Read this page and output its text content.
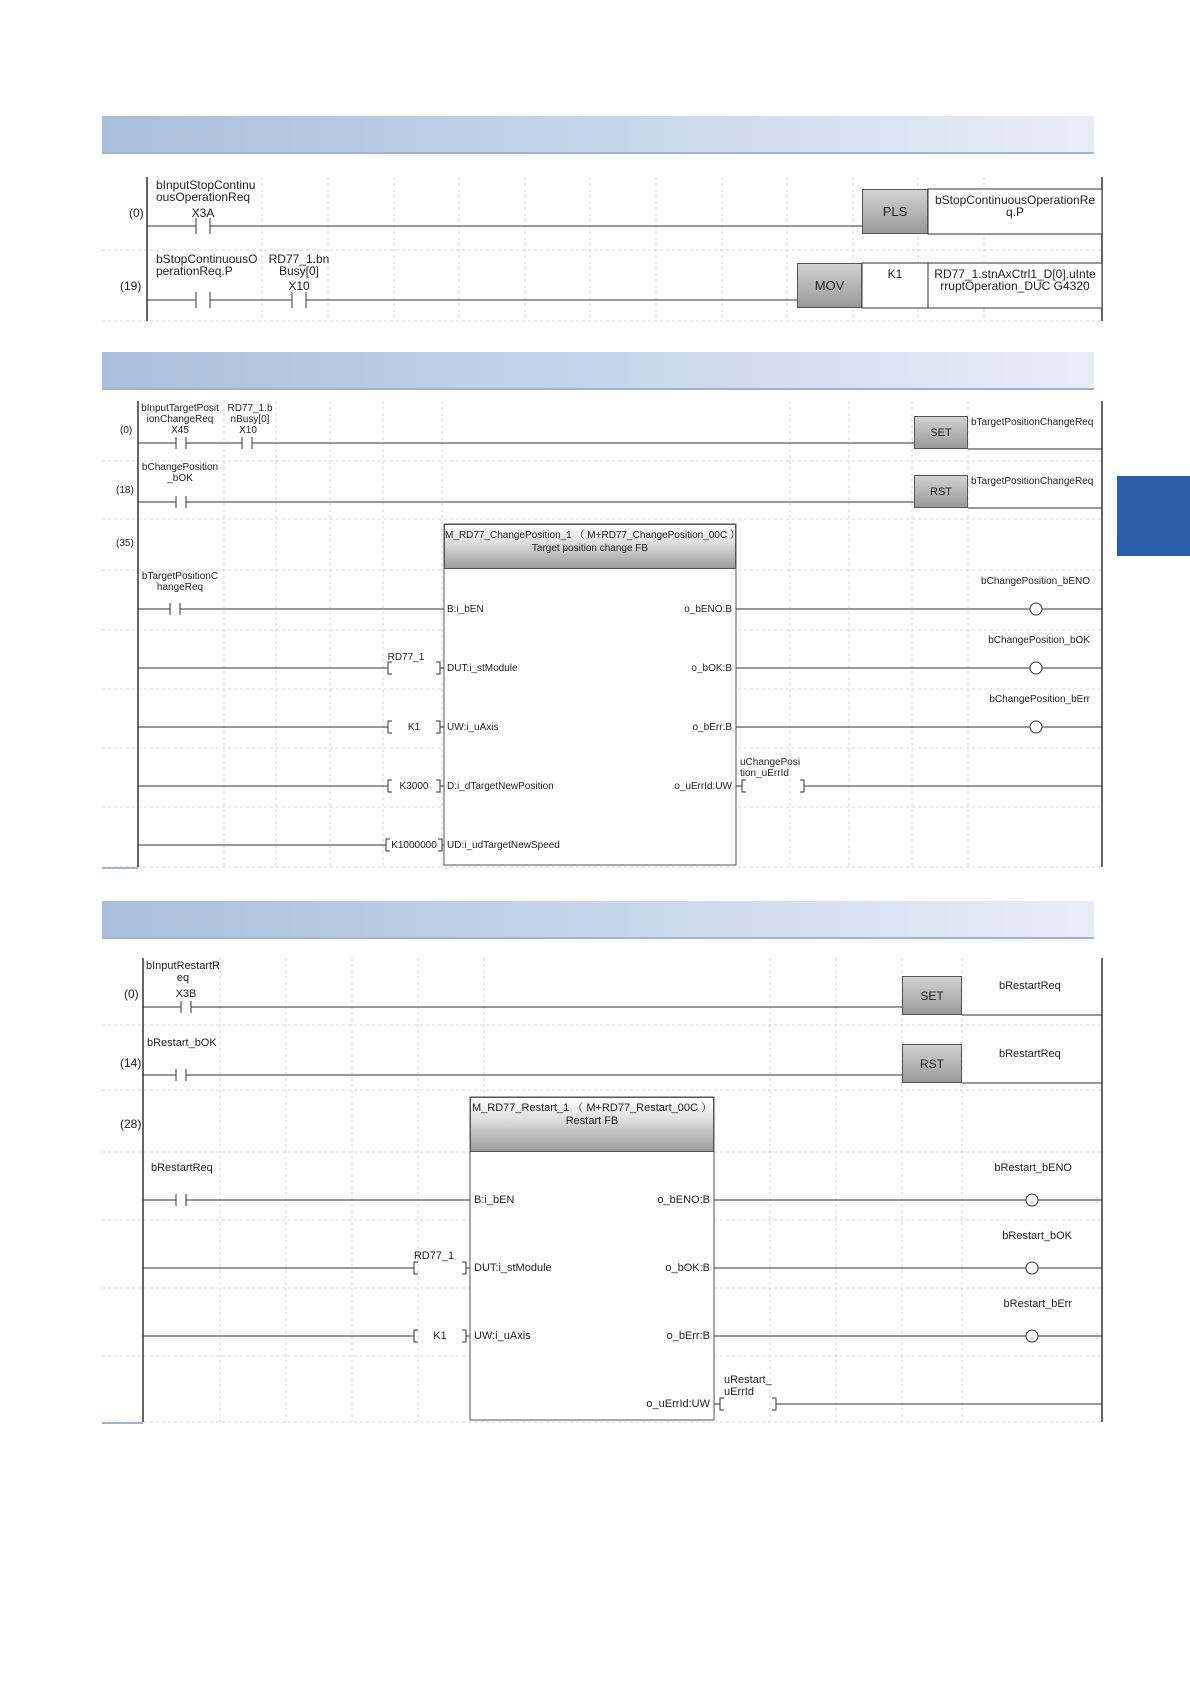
(0)
bInputStopContinuousOperationReq
X3A	PLS
bStopContinuousOperationReq.P
(19)
bStopContinuousOperationReq.P
RD77_1.bnBusy[0]
X10	MOV
K1	RD77_1.stnAxCtrl1_D[0].uInterruptOperation_DUC G4320
(0)
bInputTargetPositionChangeReq
X45
RD77_1.bnBusy[0]
X10	SET
bTargetPositionChangeReq
(18)
bChangePosition_bOK
RST
bTargetPositionChangeReq
(35)
M_RD77_ChangePosition_1 （ M+RD77_ChangePosition_00C ）
Target position change FB
bTargetPositionChangeReq
B:i_bEN
DUT:i_stModule
UW:i_uAxis
D:i_dTargetNewPosition
UD:i_udTargetNewSpeed
RD77_1
K1
K3000
K1000000
o_bENO:B
o_bOK:B
o_bErr:B
o_uErrId:UW
bChangePosition_bENO
bChangePosition_bOK
bChangePosition_bErr
uChangePosition_uErrId
(0)
bInputRestartReq
X3B	SET
bRestartReq
(14)
bRestart_bOK
RST
bRestartReq
(28)
M_RD77_Restart_1 （ M+RD77_Restart_00C ）
Restart FB
bRestartReq
B:i_bEN
DUT:i_stModule
UW:i_uAxis
RD77_1
K1
o_bENO:B
o_bOK:B
o_bErr:B
o_uErrId:UW
bRestart_bENO
bRestart_bOK
bRestart_bErr
uRestart_uErrId
